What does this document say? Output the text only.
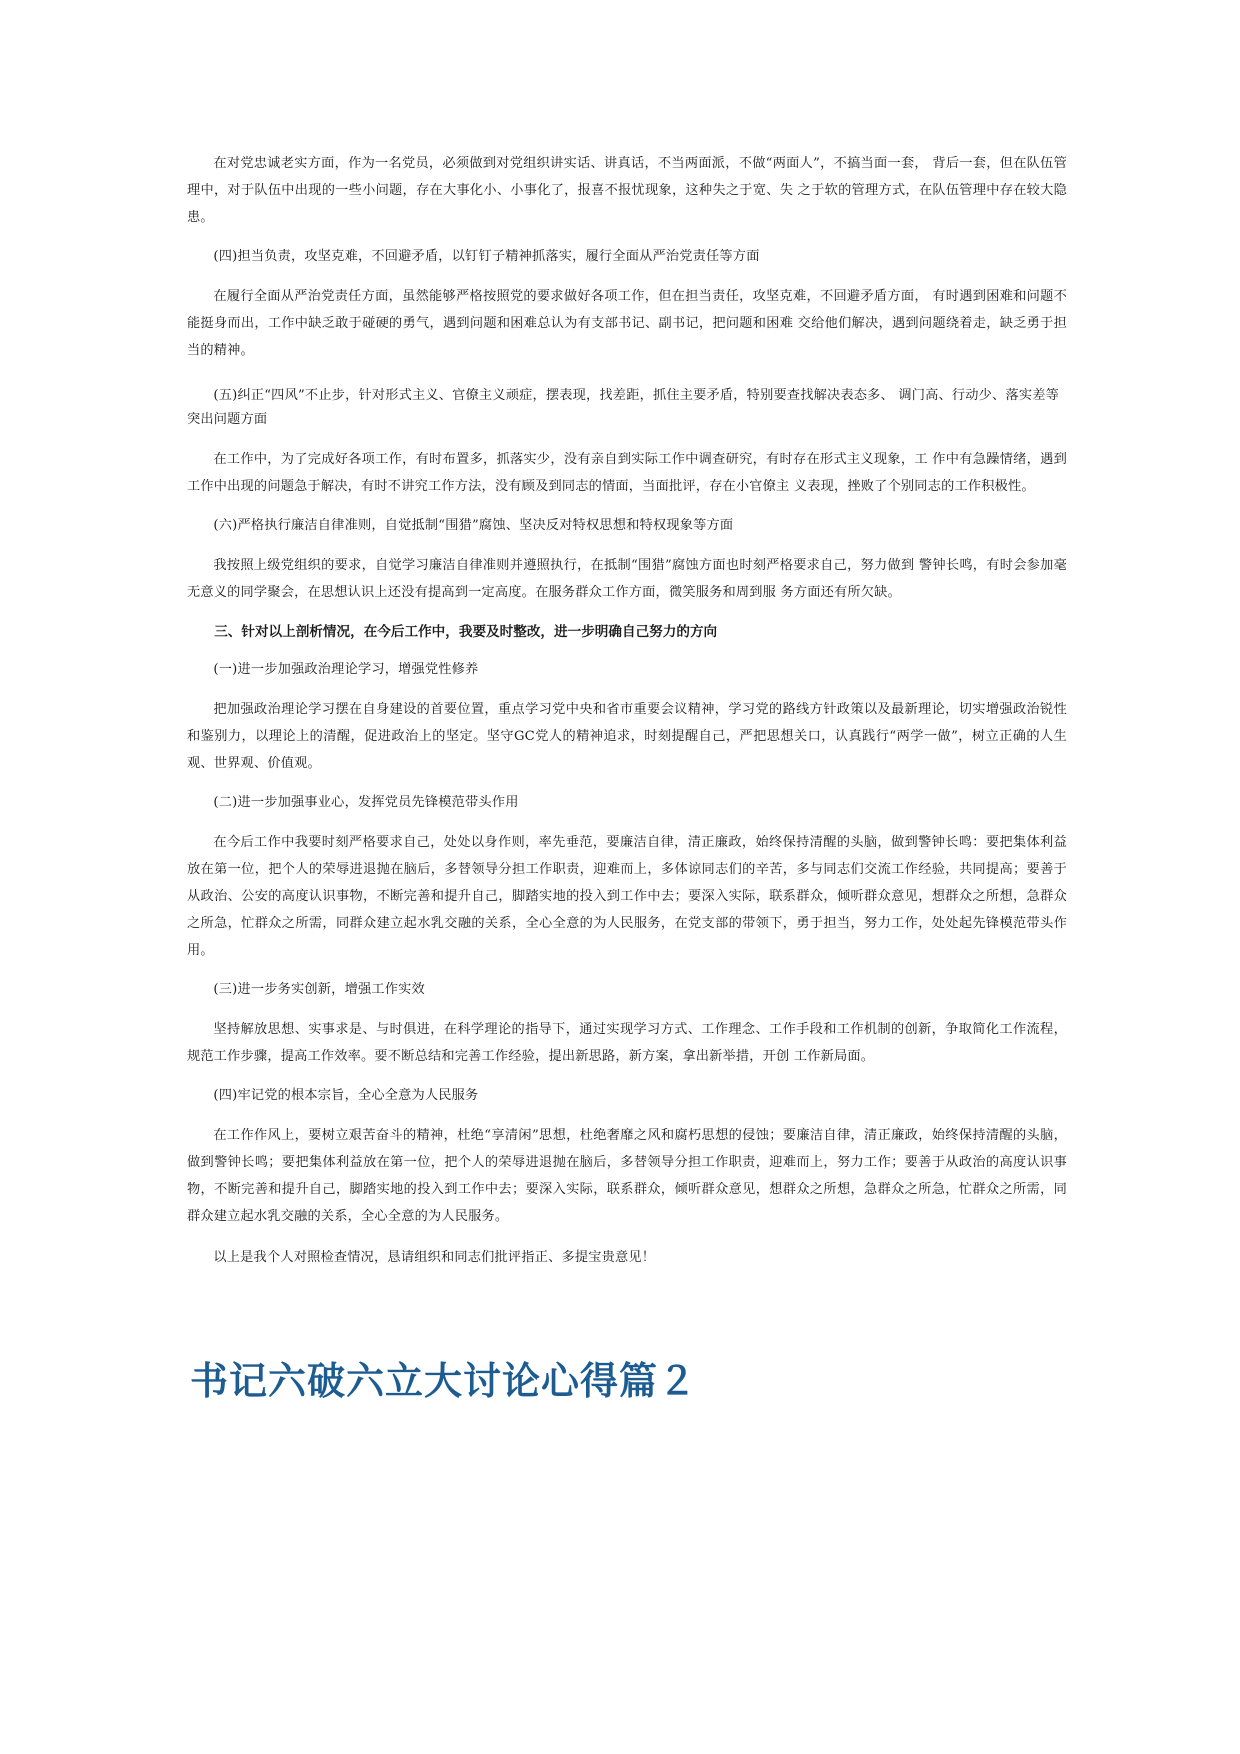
在对党忠诚老实方面，作为一名党员，必须做到对党组织讲实话、讲真话，不当两面派，不做“两面人”，不搞当面一套， 背后一套，但在队伍管理中，对于队伍中出现的一些小问题，存在大事化小、小事化了，报喜不报忧现象，这种失之于宽、失 之于软的管理方式，在队伍管理中存在较大隐患。

(四)担当负责，攻坚克难，不回避矛盾，以钉钉子精神抓落实，履行全面从严治党责任等方面

在履行全面从严治党责任方面，虽然能够严格按照党的要求做好各项工作，但在担当责任，攻坚克难，不回避矛盾方面， 有时遇到困难和问题不能挺身而出，工作中缺乏敢于碰硬的勇气，遇到问题和困难总认为有支部书记、副书记，把问题和困难 交给他们解决，遇到问题绕着走，缺乏勇于担当的精神。

(五)纠正“四风”不止步，针对形式主义、官僚主义顽症，摆表现，找差距，抓住主要矛盾，特别要查找解决表态多、 调门高、行动少、落实差等突出问题方面

在工作中，为了完成好各项工作，有时布置多，抓落实少，没有亲自到实际工作中调查研究，有时存在形式主义现象，工 作中有急躁情绪，遇到工作中出现的问题急于解决，有时不讲究工作方法，没有顾及到同志的情面，当面批评，存在小官僚主 义表现，挫败了个别同志的工作积极性。

(六)严格执行廉洁自律准则，自觉抵制“围猎”腐蚀、坚决反对特权思想和特权现象等方面

我按照上级党组织的要求，自觉学习廉洁自律准则并遵照执行，在抵制“围猎”腐蚀方面也时刻严格要求自己，努力做到 警钟长鸣，有时会参加毫无意义的同学聚会，在思想认识上还没有提高到一定高度。在服务群众工作方面，微笑服务和周到服 务方面还有所欠缺。

三、针对以上剖析情况，在今后工作中，我要及时整改，进一步明确自己努力的方向

(一)进一步加强政治理论学习，增强党性修养

把加强政治理论学习摆在自身建设的首要位置，重点学习党中央和省市重要会议精神，学习党的路线方针政策以及最新理论，切实增强政治锐性和鉴别力，以理论上的清醒，促进政治上的坚定。坚守GC党人的精神追求，时刻提醒自己，严把思想关口，认真践行“两学一做”，树立正确的人生观、世界观、价值观。

(二)进一步加强事业心，发挥党员先锋模范带头作用

在今后工作中我要时刻严格要求自己，处处以身作则，率先垂范，要廉洁自律，清正廉政，始终保持清醒的头脑，做到警钟长鸣：要把集体利益放在第一位，把个人的荣辱进退抛在脑后，多替领导分担工作职责，迎难而上，多体谅同志们的辛苦，多与同志们交流工作经验，共同提高；要善于从政治、公安的高度认识事物，不断完善和提升自己，脚踏实地的投入到工作中去；要深入实际，联系群众，倾听群众意见，想群众之所想，急群众之所急，忙群众之所需，同群众建立起水乳交融的关系，全心全意的为人民服务，在党支部的带领下，勇于担当，努力工作，处处起先锋模范带头作用。

(三)进一步务实创新，增强工作实效

坚持解放思想、实事求是、与时俱进，在科学理论的指导下，通过实现学习方式、工作理念、工作手段和工作机制的创新，争取简化工作流程，规范工作步骤，提高工作效率。要不断总结和完善工作经验，提出新思路，新方案，拿出新举措，开创 工作新局面。

(四)牢记党的根本宗旨，全心全意为人民服务

在工作作风上，要树立艰苦奋斗的精神，杜绝“享清闲”思想，杜绝奢靡之风和腐朽思想的侵蚀；要廉洁自律，清正廉政，始终保持清醒的头脑，做到警钟长鸣；要把集体利益放在第一位，把个人的荣辱进退抛在脑后，多替领导分担工作职责，迎难而上，努力工作；要善于从政治的高度认识事物，不断完善和提升自己，脚踏实地的投入到工作中去；要深入实际，联系群众，倾听群众意见，想群众之所想，急群众之所急，忙群众之所需，同群众建立起水乳交融的关系，全心全意的为人民服务。

以上是我个人对照检查情况，恳请组织和同志们批评指正、多提宝贵意见！

书记六破六立大讨论心得篇２
